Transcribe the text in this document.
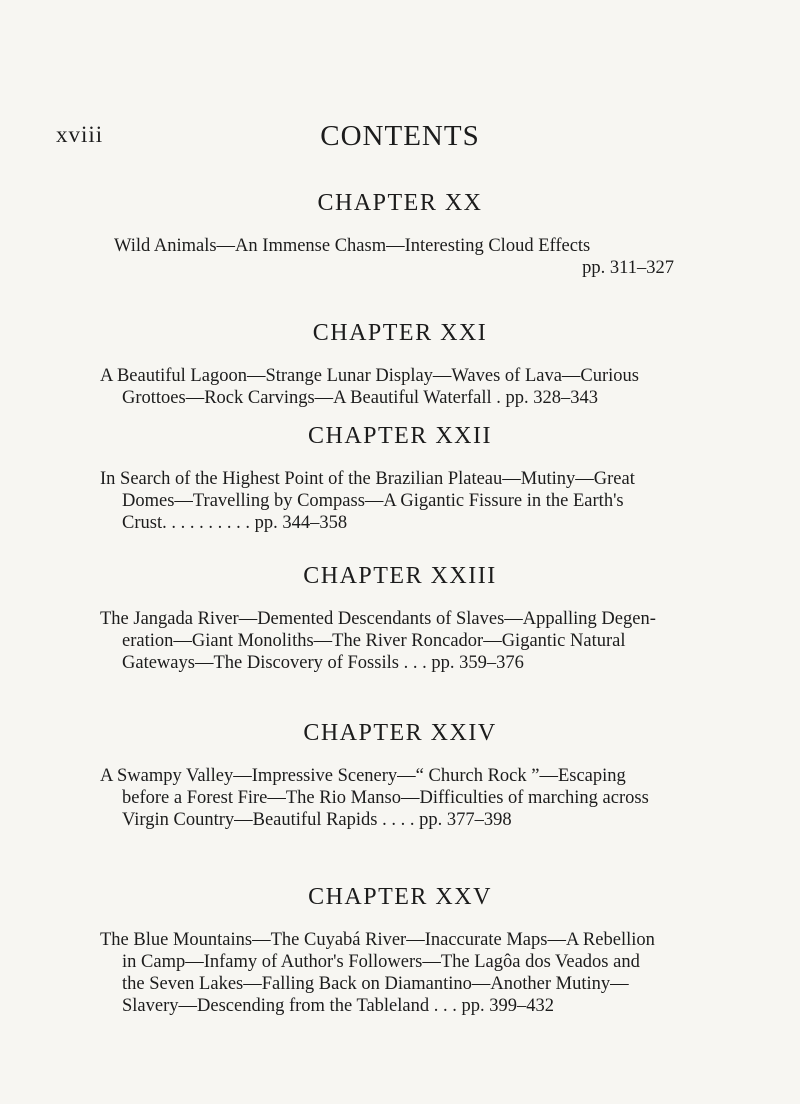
xviii	CONTENTS
CHAPTER XX
Wild Animals—An Immense Chasm—Interesting Cloud Effects
pp. 311–327
CHAPTER XXI
A Beautiful Lagoon—Strange Lunar Display—Waves of Lava—Curious
Grottoes—Rock Carvings—A Beautiful Waterfall . pp. 328–343
CHAPTER XXII
In Search of the Highest Point of the Brazilian Plateau—Mutiny—Great
Domes—Travelling by Compass—A Gigantic Fissure in the Earth's
Crust. . . . . . . . . . pp. 344–358
CHAPTER XXIII
The Jangada River—Demented Descendants of Slaves—Appalling Degen-
eration—Giant Monoliths—The River Roncador—Gigantic Natural
Gateways—The Discovery of Fossils . . . pp. 359–376
CHAPTER XXIV
A Swampy Valley—Impressive Scenery—“ Church Rock ”—Escaping
before a Forest Fire—The Rio Manso—Difficulties of marching across
Virgin Country—Beautiful Rapids . . . . pp. 377–398
CHAPTER XXV
The Blue Mountains—The Cuyabá River—Inaccurate Maps—A Rebellion
in Camp—Infamy of Author's Followers—The Lagôa dos Veados and
the Seven Lakes—Falling Back on Diamantino—Another Mutiny—
Slavery—Descending from the Tableland . . . pp. 399–432
